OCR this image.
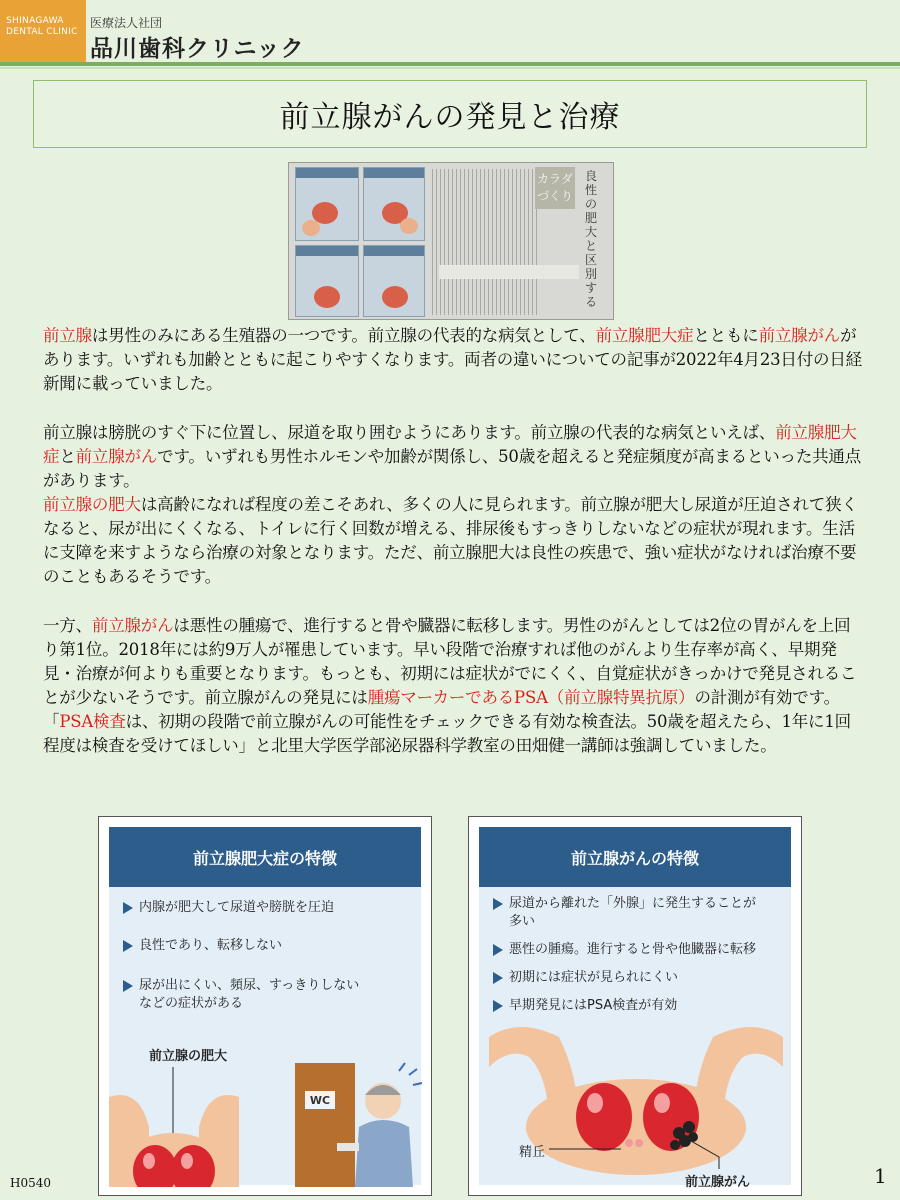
SHINAGAWA
DENTAL CLINIC
医療法人社団
品川歯科クリニック
前立腺がんの発見と治療
カラダづくり
良性の肥大と区別する
前立腺は男性のみにある生殖器の一つです。前立腺の代表的な病気として、前立腺肥大症とともに前立腺がんがあります。いずれも加齢とともに起こりやすくなります。両者の違いについての記事が2022年4月23日付の日経新聞に載っていました。
前立腺は膀胱のすぐ下に位置し、尿道を取り囲むようにあります。前立腺の代表的な病気といえば、前立腺肥大症と前立腺がんです。いずれも男性ホルモンや加齢が関係し、50歳を超えると発症頻度が高まるといった共通点があります。
前立腺の肥大は高齢になれば程度の差こそあれ、多くの人に見られます。前立腺が肥大し尿道が圧迫されて狭くなると、尿が出にくくなる、トイレに行く回数が増える、排尿後もすっきりしないなどの症状が現れます。生活に支障を来すようなら治療の対象となります。ただ、前立腺肥大は良性の疾患で、強い症状がなければ治療不要のこともあるそうです。
一方、前立腺がんは悪性の腫瘍で、進行すると骨や臓器に転移します。男性のがんとしては2位の胃がんを上回り第1位。2018年には約9万人が罹患しています。早い段階で治療すれば他のがんより生存率が高く、早期発見・治療が何よりも重要となります。もっとも、初期には症状がでにくく、自覚症状がきっかけで発見されることが少ないそうです。前立腺がんの発見には腫瘍マーカーであるPSA（前立腺特異抗原）の計測が有効です。「PSA検査は、初期の段階で前立腺がんの可能性をチェックできる有効な検査法。50歳を超えたら、1年に1回程度は検査を受けてほしい」と北里大学医学部泌尿器科学教室の田畑健一講師は強調していました。
前立腺肥大症の特徴
内腺が肥大して尿道や膀胱を圧迫
良性であり、転移しない
尿が出にくい、頻尿、すっきりしない
などの症状がある
前立腺の肥大
WC
前立腺がんの特徴
尿道から離れた「外腺」に発生することが
多い
悪性の腫瘍。進行すると骨や他臓器に転移
初期には症状が見られにくい
早期発見にはPSA検査が有効
精丘
前立腺がん
H0540	1
